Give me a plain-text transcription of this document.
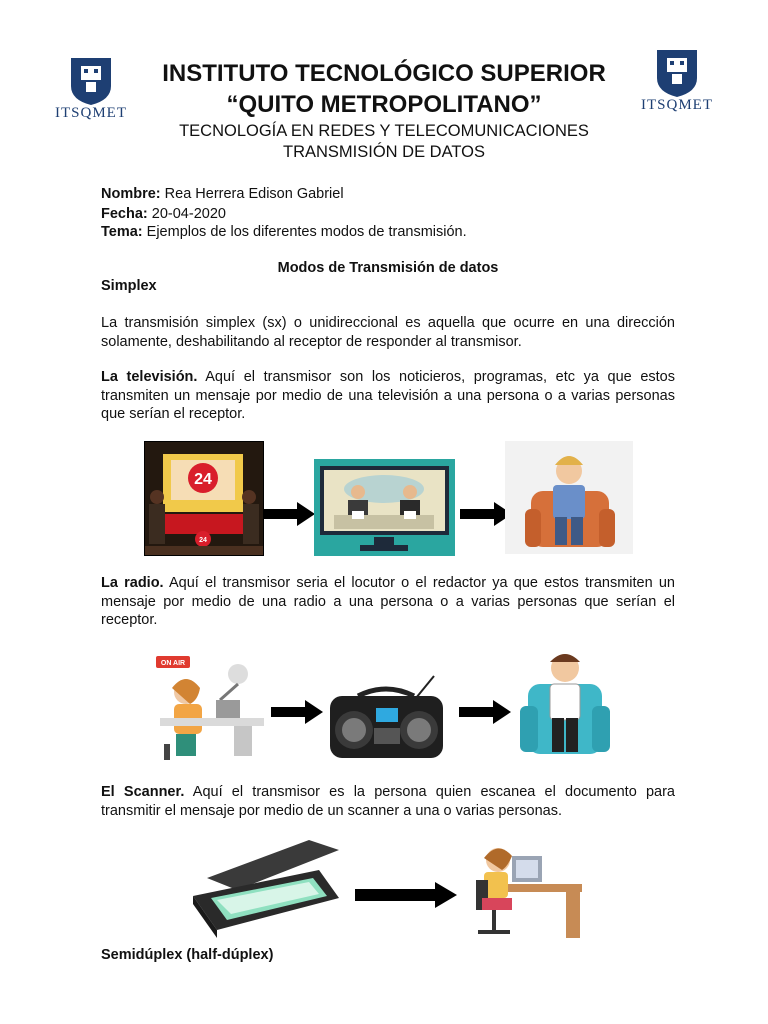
ITSQMET	ITSQMET
INSTITUTO TECNOLÓGICO SUPERIOR
“QUITO METROPOLITANO”
TECNOLOGÍA EN REDES Y TELECOMUNICACIONES
TRANSMISIÓN DE DATOS
Nombre: Rea Herrera Edison Gabriel
Fecha: 20-04-2020
Tema: Ejemplos de los diferentes modos de transmisión.
Modos de Transmisión de datos
Simplex
La transmisión simplex (sx) o unidireccional es aquella que ocurre en una dirección solamente, deshabilitando al receptor de responder al transmisor.
La televisión. Aquí el transmisor son los noticieros, programas, etc ya que estos transmiten un mensaje por medio de una televisión a una persona o a varias personas que serían el receptor.
24
24
La radio. Aquí el transmisor seria el locutor o el redactor ya que estos transmiten un mensaje por medio de una radio a una persona o a varias personas que serían el receptor.
ON AIR
El Scanner. Aquí el transmisor es la persona quien escanea el documento para transmitir el mensaje por medio de un scanner a una o varias personas.
Semidúplex (half-dúplex)
